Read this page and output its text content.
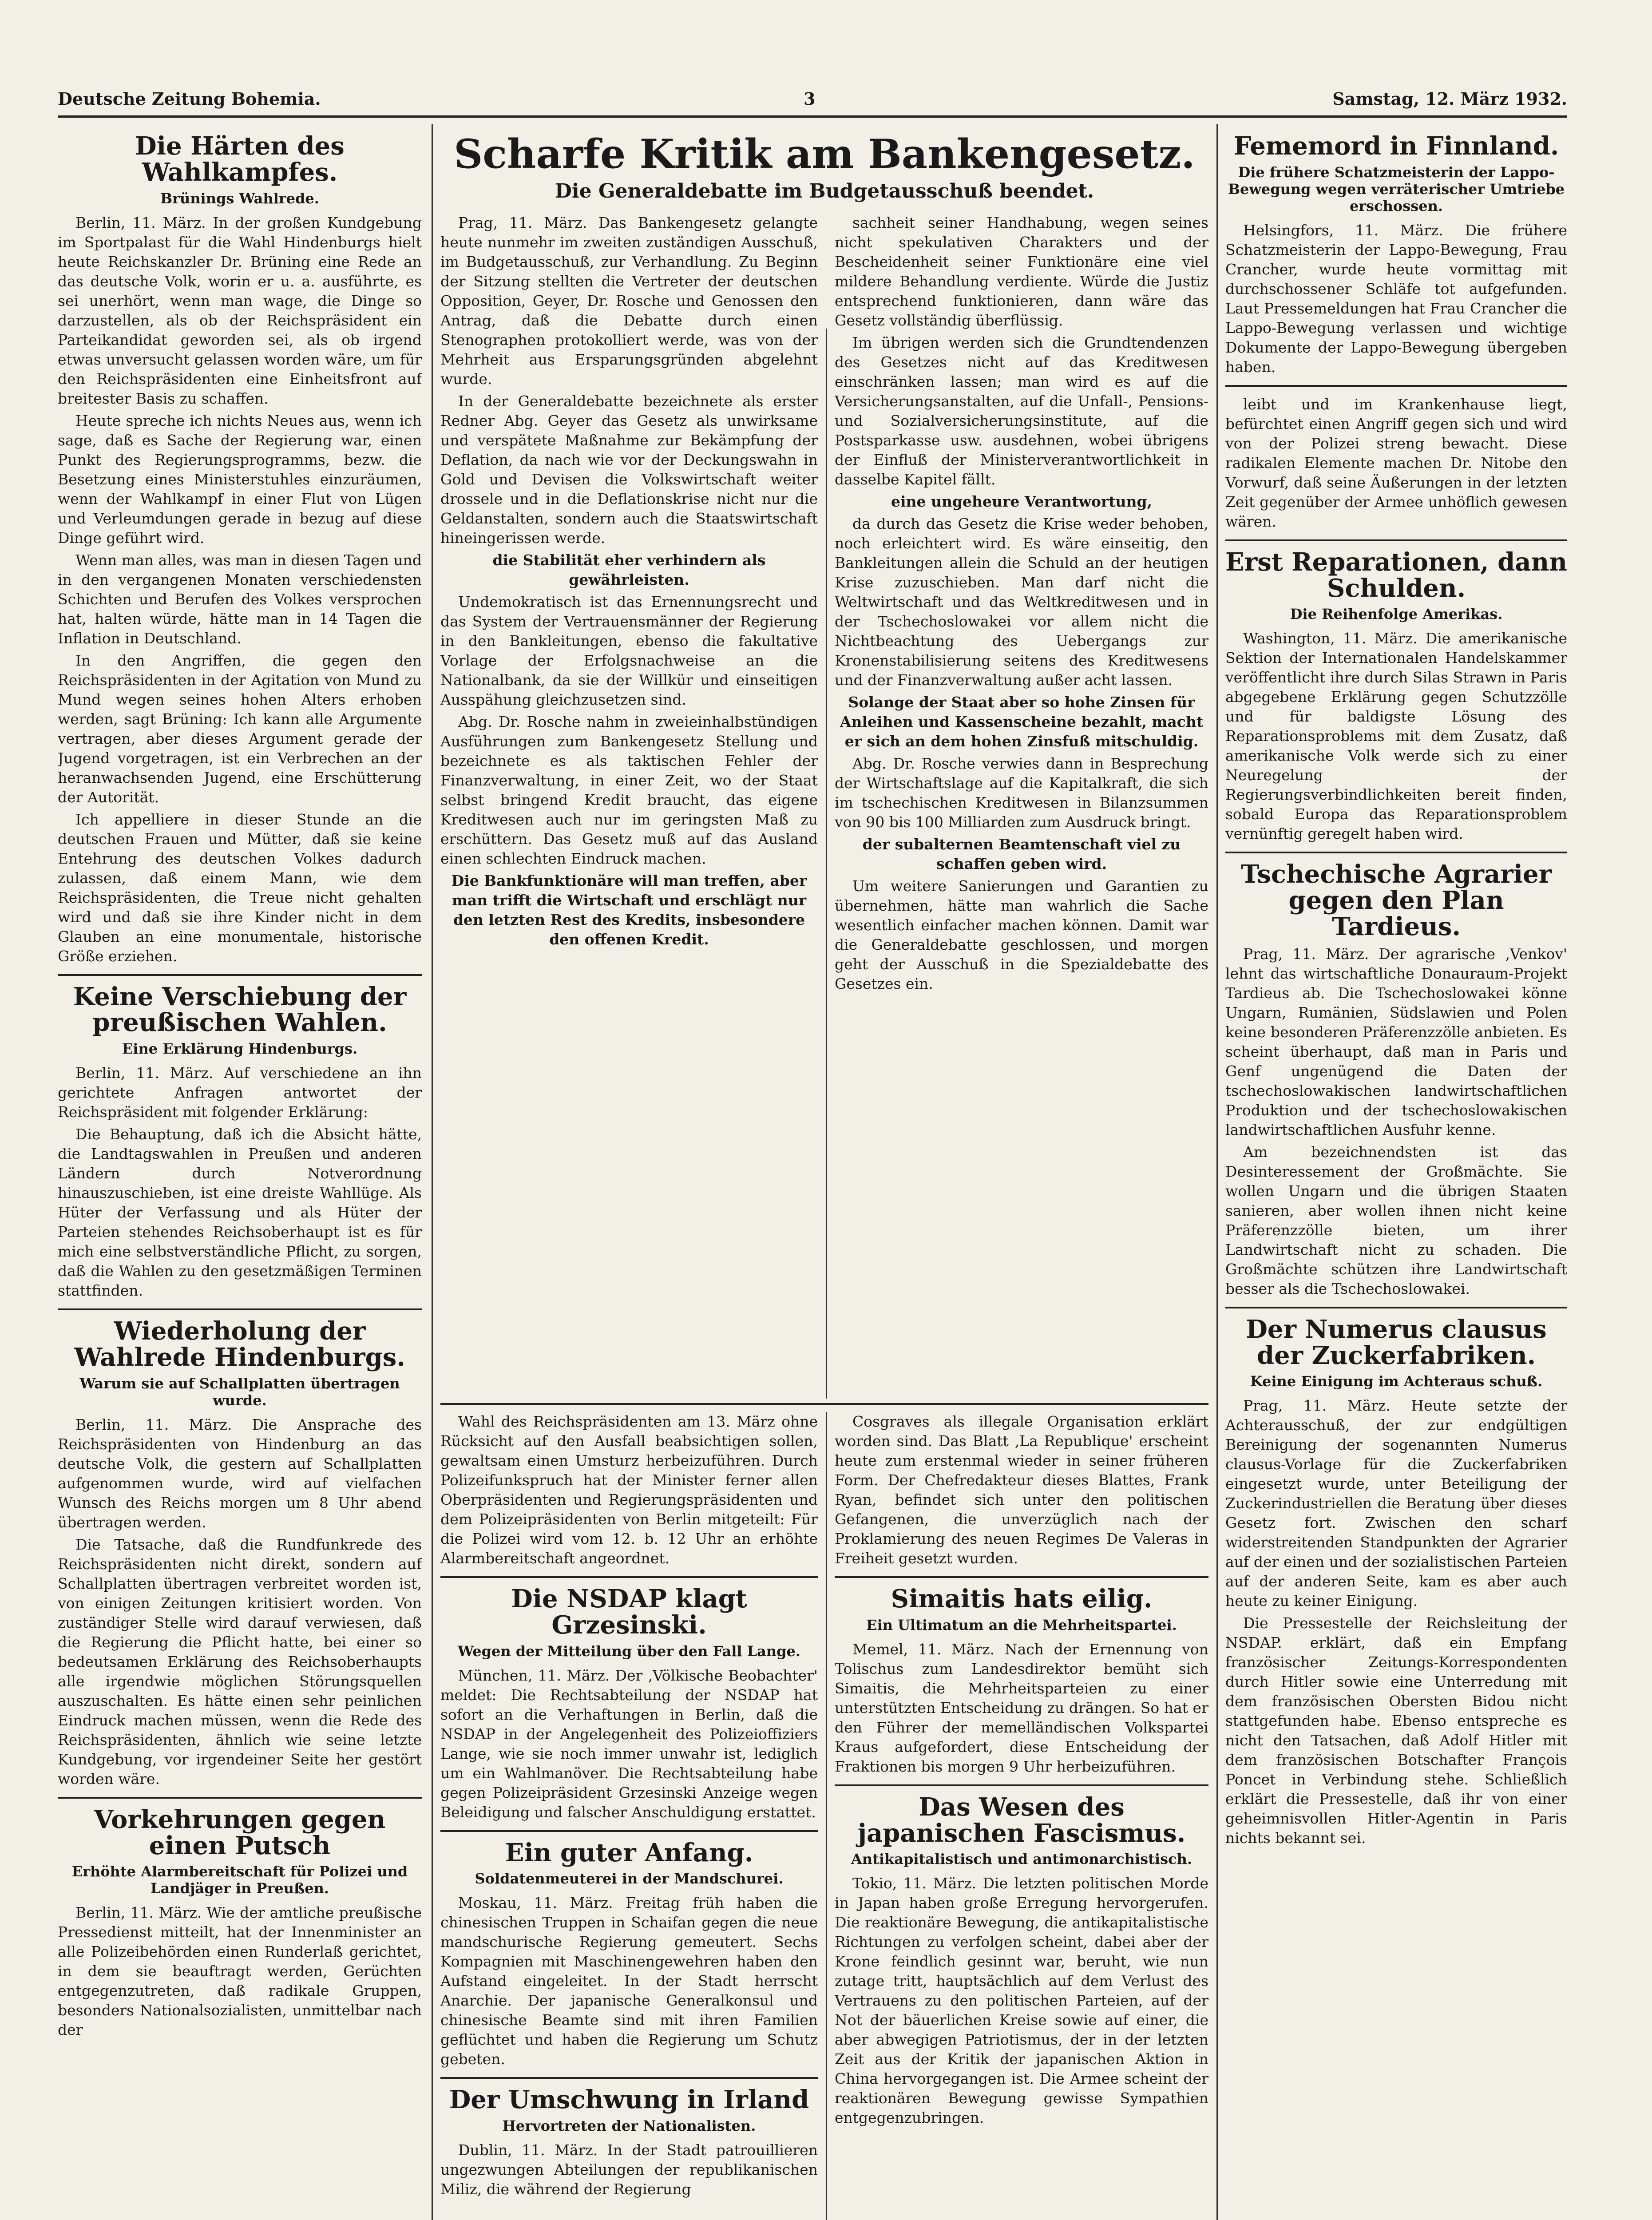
Deutsche Zeitung Bohemia.	3	Samstag, 12. März 1932.
Die Härten des Wahlkampfes.
Brünings Wahlrede.

Berlin, 11. März. In der großen Kundgebung im Sportpalast für die Wahl Hindenburgs hielt heute Reichskanzler Dr. Brüning eine Rede an das deutsche Volk, worin er u. a. ausführte, es sei unerhört, wenn man wage, die Dinge so darzustellen, als ob der Reichspräsident ein Parteikandidat geworden sei, als ob irgend etwas unversucht gelassen worden wäre, um für den Reichspräsidenten eine Einheitsfront auf breitester Basis zu schaffen.

Heute spreche ich nichts Neues aus, wenn ich sage, daß es Sache der Regierung war, einen Punkt des Regierungsprogramms, bezw. die Besetzung eines Ministerstuhles einzuräumen, wenn der Wahlkampf in einer Flut von Lügen und Verleumdungen gerade in bezug auf diese Dinge geführt wird.

Wenn man alles, was man in diesen Tagen und in den vergangenen Monaten verschiedensten Schichten und Berufen des Volkes versprochen hat, halten würde, hätte man in 14 Tagen die Inflation in Deutschland.

In den Angriffen, die gegen den Reichspräsidenten in der Agitation von Mund zu Mund wegen seines hohen Alters erhoben werden, sagt Brüning: Ich kann alle Argumente vertragen, aber dieses Argument gerade der Jugend vorgetragen, ist ein Verbrechen an der heranwachsenden Jugend, eine Erschütterung der Autorität.

Ich appelliere in dieser Stunde an die deutschen Frauen und Mütter, daß sie keine Entehrung des deutschen Volkes dadurch zulassen, daß einem Mann, wie dem Reichspräsidenten, die Treue nicht gehalten wird und daß sie ihre Kinder nicht in dem Glauben an eine monumentale, historische Größe erziehen.

Keine Verschiebung der preußischen Wahlen.
Eine Erklärung Hindenburgs.

Berlin, 11. März. Auf verschiedene an ihn gerichtete Anfragen antwortet der Reichspräsident mit folgender Erklärung:

Die Behauptung, daß ich die Absicht hätte, die Landtagswahlen in Preußen und anderen Ländern durch Notverordnung hinauszuschieben, ist eine dreiste Wahllüge. Als Hüter der Verfassung und als Hüter der Parteien stehendes Reichsoberhaupt ist es für mich eine selbstverständliche Pflicht, zu sorgen, daß die Wahlen zu den gesetzmäßigen Terminen stattfinden.

Wiederholung der Wahlrede Hindenburgs.
Warum sie auf Schallplatten übertragen wurde.

Berlin, 11. März. Die Ansprache des Reichspräsidenten von Hindenburg an das deutsche Volk, die gestern auf Schallplatten aufgenommen wurde, wird auf vielfachen Wunsch des Reichs morgen um 8 Uhr abend übertragen werden.

Die Tatsache, daß die Rundfunkrede des Reichspräsidenten nicht direkt, sondern auf Schallplatten übertragen verbreitet worden ist, von einigen Zeitungen kritisiert worden. Von zuständiger Stelle wird darauf verwiesen, daß die Regierung die Pflicht hatte, bei einer so bedeutsamen Erklärung des Reichsoberhaupts alle irgendwie möglichen Störungsquellen auszuschalten. Es hätte einen sehr peinlichen Eindruck machen müssen, wenn die Rede des Reichspräsidenten, ähnlich wie seine letzte Kundgebung, vor irgendeiner Seite her gestört worden wäre.

Vorkehrungen gegen einen Putsch
Erhöhte Alarmbereitschaft für Polizei und Landjäger in Preußen.

Berlin, 11. März. Wie der amtliche preußische Pressedienst mitteilt, hat der Innenminister an alle Polizeibehörden einen Runderlaß gerichtet, in dem sie beauftragt werden, Gerüchten entgegenzutreten, daß radikale Gruppen, besonders Nationalsozialisten, unmittelbar nach der

Scharfe Kritik am Bankengesetz.
Die Generaldebatte im Budgetausschuß beendet.

Prag, 11. März. Das Bankengesetz gelangte heute nunmehr im zweiten zuständigen Ausschuß, im Budgetausschuß, zur Verhandlung. Zu Beginn der Sitzung stellten die Vertreter der deutschen Opposition, Geyer, Dr. Rosche und Genossen den Antrag, daß die Debatte durch einen Stenographen protokolliert werde, was von der Mehrheit aus Ersparungsgründen abgelehnt wurde.

In der Generaldebatte bezeichnete als erster Redner Abg. Geyer das Gesetz als unwirksame und verspätete Maßnahme zur Bekämpfung der Deflation, da nach wie vor der Deckungswahn in Gold und Devisen die Volkswirtschaft weiter drossele und in die Deflationskrise nicht nur die Geldanstalten, sondern auch die Staatswirtschaft hineingerissen werde.

die Stabilität eher verhindern als gewährleisten.

Undemokratisch ist das Ernennungsrecht und das System der Vertrauensmänner der Regierung in den Bankleitungen, ebenso die fakultative Vorlage der Erfolgsnachweise an die Nationalbank, da sie der Willkür und einseitigen Ausspähung gleichzusetzen sind.

Abg. Dr. Rosche nahm in zweieinhalbstündigen Ausführungen zum Bankengesetz Stellung und bezeichnete es als taktischen Fehler der Finanzverwaltung, in einer Zeit, wo der Staat selbst bringend Kredit braucht, das eigene Kreditwesen auch nur im geringsten Maß zu erschüttern. Das Gesetz muß auf das Ausland einen schlechten Eindruck machen.

Die Bankfunktionäre will man treffen, aber man trifft die Wirtschaft und erschlägt nur den letzten Rest des Kredits, insbesondere den offenen Kredit.

sachheit seiner Handhabung, wegen seines nicht spekulativen Charakters und der Bescheidenheit seiner Funktionäre eine viel mildere Behandlung verdiente. Würde die Justiz entsprechend funktionieren, dann wäre das Gesetz vollständig überflüssig.

Im übrigen werden sich die Grundtendenzen des Gesetzes nicht auf das Kreditwesen einschränken lassen; man wird es auf die Versicherungsanstalten, auf die Unfall-, Pensions- und Sozialversicherungsinstitute, auf die Postsparkasse usw. ausdehnen, wobei übrigens der Einfluß der Ministerverantwortlichkeit in dasselbe Kapitel fällt.

eine ungeheure Verantwortung,

da durch das Gesetz die Krise weder behoben, noch erleichtert wird. Es wäre einseitig, den Bankleitungen allein die Schuld an der heutigen Krise zuzuschieben. Man darf nicht die Weltwirtschaft und das Weltkreditwesen und in der Tschechoslowakei vor allem nicht die Nichtbeachtung des Uebergangs zur Kronenstabilisierung seitens des Kreditwesens und der Finanzverwaltung außer acht lassen.

Solange der Staat aber so hohe Zinsen für Anleihen und Kassenscheine bezahlt, macht er sich an dem hohen Zinsfuß mitschuldig.

Abg. Dr. Rosche verwies dann in Besprechung der Wirtschaftslage auf die Kapitalkraft, die sich im tschechischen Kreditwesen in Bilanzsummen von 90 bis 100 Milliarden zum Ausdruck bringt.

der subalternen Beamtenschaft viel zu schaffen geben wird.

Um weitere Sanierungen und Garantien zu übernehmen, hätte man wahrlich die Sache wesentlich einfacher machen können. Damit war die Generaldebatte geschlossen, und morgen geht der Ausschuß in die Spezialdebatte des Gesetzes ein.

Wahl des Reichspräsidenten am 13. März ohne Rücksicht auf den Ausfall beabsichtigen sollen, gewaltsam einen Umsturz herbeizuführen. Durch Polizeifunkspruch hat der Minister ferner allen Oberpräsidenten und Regierungspräsidenten und dem Polizeipräsidenten von Berlin mitgeteilt: Für die Polizei wird vom 12. b. 12 Uhr an erhöhte Alarmbereitschaft angeordnet.

Die NSDAP klagt Grzesinski.
Wegen der Mitteilung über den Fall Lange.

München, 11. März. Der ‚Völkische Beobachter' meldet: Die Rechtsabteilung der NSDAP hat sofort an die Verhaftungen in Berlin, daß die NSDAP in der Angelegenheit des Polizeioffiziers Lange, wie sie noch immer unwahr ist, lediglich um ein Wahlmanöver. Die Rechtsabteilung habe gegen Polizeipräsident Grzesinski Anzeige wegen Beleidigung und falscher Anschuldigung erstattet.

Ein guter Anfang.
Soldatenmeuterei in der Mandschurei.

Moskau, 11. März. Freitag früh haben die chinesischen Truppen in Schaifan gegen die neue mandschurische Regierung gemeutert. Sechs Kompagnien mit Maschinengewehren haben den Aufstand eingeleitet. In der Stadt herrscht Anarchie. Der japanische Generalkonsul und chinesische Beamte sind mit ihren Familien geflüchtet und haben die Regierung um Schutz gebeten.

Der Umschwung in Irland
Hervortreten der Nationalisten.

Dublin, 11. März. In der Stadt patrouillieren ungezwungen Abteilungen der republikanischen Miliz, die während der Regierung

Cosgraves als illegale Organisation erklärt worden sind. Das Blatt ‚La Republique' erscheint heute zum erstenmal wieder in seiner früheren Form. Der Chefredakteur dieses Blattes, Frank Ryan, befindet sich unter den politischen Gefangenen, die unverzüglich nach der Proklamierung des neuen Regimes De Valeras in Freiheit gesetzt wurden.

Simaitis hats eilig.
Ein Ultimatum an die Mehrheitspartei.

Memel, 11. März. Nach der Ernennung von Tolischus zum Landesdirektor bemüht sich Simaitis, die Mehrheitsparteien zu einer unterstützten Entscheidung zu drängen. So hat er den Führer der memelländischen Volkspartei Kraus aufgefordert, diese Entscheidung der Fraktionen bis morgen 9 Uhr herbeizuführen.

Das Wesen des japanischen Fascismus.
Antikapitalistisch und antimonarchistisch.

Tokio, 11. März. Die letzten politischen Morde in Japan haben große Erregung hervorgerufen. Die reaktionäre Bewegung, die antikapitalistische Richtungen zu verfolgen scheint, dabei aber der Krone feindlich gesinnt war, beruht, wie nun zutage tritt, hauptsächlich auf dem Verlust des Vertrauens zu den politischen Parteien, auf der Not der bäuerlichen Kreise sowie auf einer, die aber abwegigen Patriotismus, der in der letzten Zeit aus der Kritik der japanischen Aktion in China hervorgegangen ist. Die Armee scheint der reaktionären Bewegung gewisse Sympathien entgegenzubringen.

Fememord in Finnland.
Die frühere Schatzmeisterin der Lappo-Bewegung wegen verräterischer Umtriebe erschossen.

Helsingfors, 11. März. Die frühere Schatzmeisterin der Lappo-Bewegung, Frau Crancher, wurde heute vormittag mit durchschossener Schläfe tot aufgefunden. Laut Pressemeldungen hat Frau Crancher die Lappo-Bewegung verlassen und wichtige Dokumente der Lappo-Bewegung übergeben haben.

leibt und im Krankenhause liegt, befürchtet einen Angriff gegen sich und wird von der Polizei streng bewacht. Diese radikalen Elemente machen Dr. Nitobe den Vorwurf, daß seine Äußerungen in der letzten Zeit gegenüber der Armee unhöflich gewesen wären.

Erst Reparationen, dann Schulden.
Die Reihenfolge Amerikas.

Washington, 11. März. Die amerikanische Sektion der Internationalen Handelskammer veröffentlicht ihre durch Silas Strawn in Paris abgegebene Erklärung gegen Schutzzölle und für baldigste Lösung des Reparationsproblems mit dem Zusatz, daß amerikanische Volk werde sich zu einer Neuregelung der Regierungsverbindlichkeiten bereit finden, sobald Europa das Reparationsproblem vernünftig geregelt haben wird.

Tschechische Agrarier gegen den Plan Tardieus.

Prag, 11. März. Der agrarische ‚Venkov' lehnt das wirtschaftliche Donauraum-Projekt Tardieus ab. Die Tschechoslowakei könne Ungarn, Rumänien, Südslawien und Polen keine besonderen Präferenzzölle anbieten. Es scheint überhaupt, daß man in Paris und Genf ungenügend die Daten der tschechoslowakischen landwirtschaftlichen Produktion und der tschechoslowakischen landwirtschaftlichen Ausfuhr kenne.

Am bezeichnendsten ist das Desinteressement der Großmächte. Sie wollen Ungarn und die übrigen Staaten sanieren, aber wollen ihnen nicht keine Präferenzzölle bieten, um ihrer Landwirtschaft nicht zu schaden. Die Großmächte schützen ihre Landwirtschaft besser als die Tschechoslowakei.

Der Numerus clausus der Zuckerfabriken.
Keine Einigung im Achteraus schuß.

Prag, 11. März. Heute setzte der Achterausschuß, der zur endgültigen Bereinigung der sogenannten Numerus clausus-Vorlage für die Zuckerfabriken eingesetzt wurde, unter Beteiligung der Zuckerindustriellen die Beratung über dieses Gesetz fort. Zwischen den scharf widerstreitenden Standpunkten der Agrarier auf der einen und der sozialistischen Parteien auf der anderen Seite, kam es aber auch heute zu keiner Einigung.

Die Pressestelle der Reichsleitung der NSDAP. erklärt, daß ein Empfang französischer Zeitungs-Korrespondenten durch Hitler sowie eine Unterredung mit dem französischen Obersten Bidou nicht stattgefunden habe. Ebenso entspreche es nicht den Tatsachen, daß Adolf Hitler mit dem französischen Botschafter François Poncet in Verbindung stehe. Schließlich erklärt die Pressestelle, daß ihr von einer geheimnisvollen Hitler-Agentin in Paris nichts bekannt sei.
